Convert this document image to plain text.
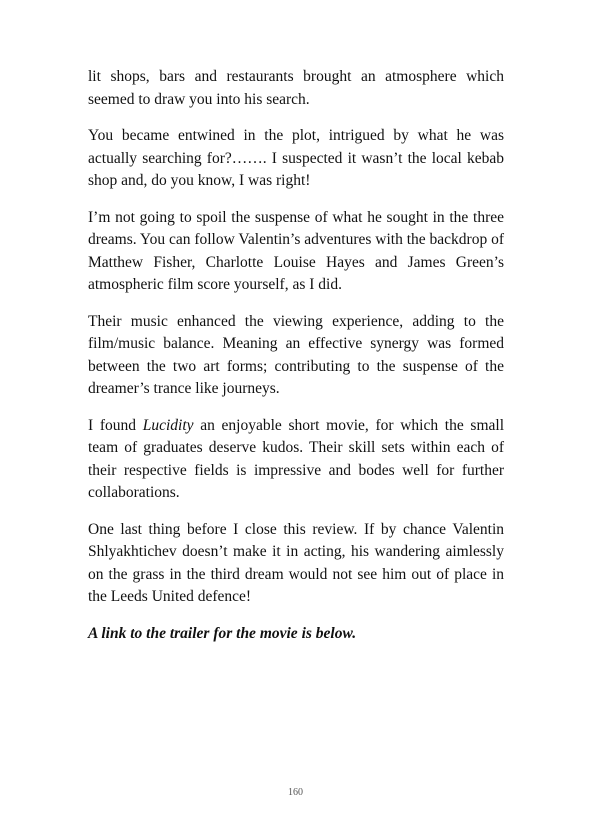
lit shops, bars and restaurants brought an atmosphere which seemed to draw you into his search.

You became entwined in the plot, intrigued by what he was actually searching for?……. I suspected it wasn’t the local kebab shop and, do you know, I was right!

I’m not going to spoil the suspense of what he sought in the three dreams. You can follow Valentin’s adventures with the backdrop of Matthew Fisher, Charlotte Louise Hayes and James Green’s atmospheric film score yourself, as I did.

Their music enhanced the viewing experience, adding to the film/music balance. Meaning an effective synergy was formed between the two art forms; contributing to the suspense of the dreamer’s trance like journeys.

I found Lucidity an enjoyable short movie, for which the small team of graduates deserve kudos. Their skill sets within each of their respective fields is impressive and bodes well for further collaborations.

One last thing before I close this review. If by chance Valentin Shlyakhtichev doesn’t make it in acting, his wandering aimlessly on the grass in the third dream would not see him out of place in the Leeds United defence!

A link to the trailer for the movie is below.

160
